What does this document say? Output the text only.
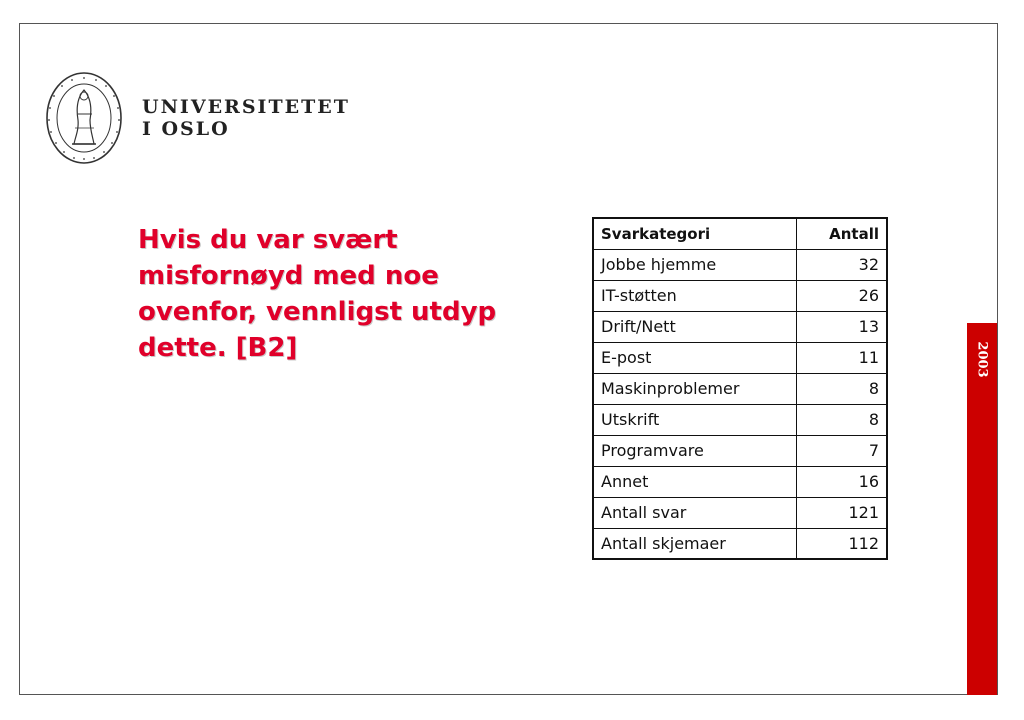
UNIVERSITETET
I OSLO
Hvis du var svært misfornøyd med noe ovenfor, vennligst utdyp dette. [B2]
Svarkategori	Antall
Jobbe hjemme	32
IT-støtten	26
Drift/Nett	13
E-post	11
Maskinproblemer	8
Utskrift	8
Programvare	7
Annet	16
Antall svar	121
Antall skjemaer	112
2003
